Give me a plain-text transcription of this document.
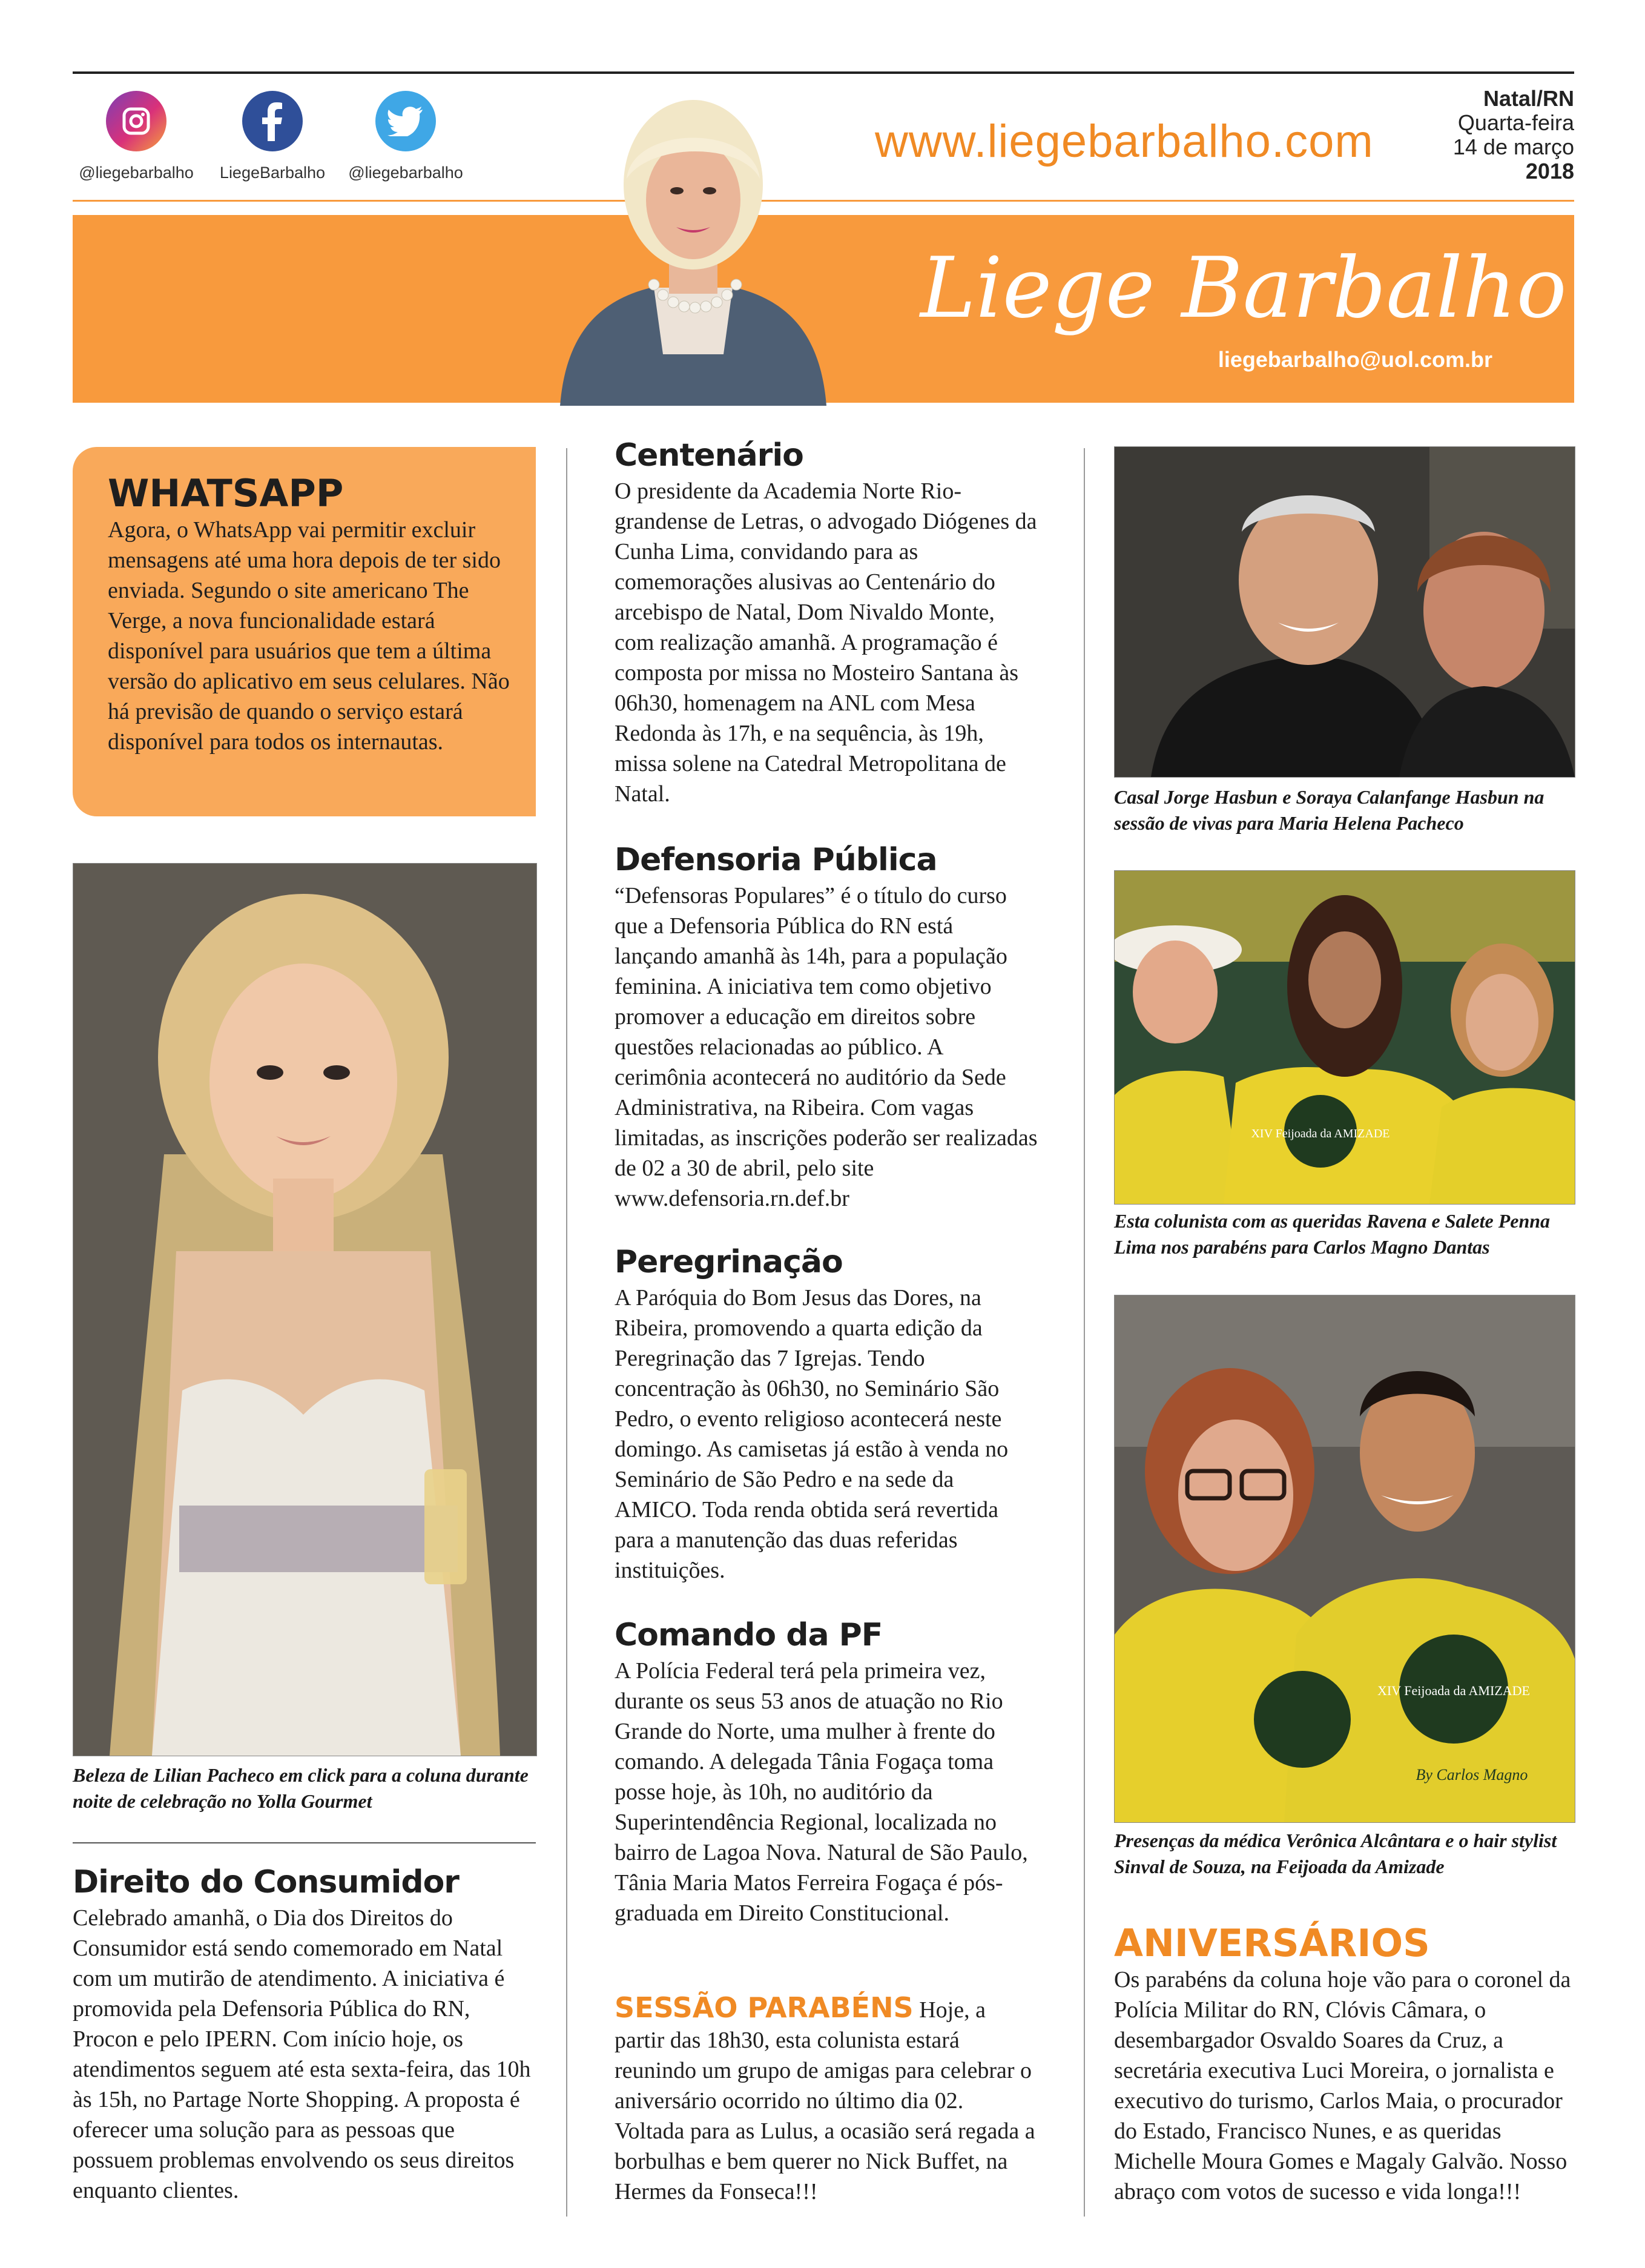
@liegebarbalho	LiegeBarbalho	@liegebarbalho
www.liegebarbalho.com
Natal/RN
Quarta-feira
14 de março
2018
Liege Barbalho
liegebarbalho@uol.com.br
WHATSAPP
Agora, o WhatsApp vai permitir excluir mensagens até uma hora depois de ter sido enviada. Segundo o site americano The Verge, a nova funcionalidade estará disponível para usuários que tem a última versão do aplicativo em seus celulares. Não há previsão de quando o serviço estará disponível para todos os internautas.
Beleza de Lilian Pacheco em click para a coluna durante noite de celebração no Yolla Gourmet
Direito do Consumidor
Celebrado amanhã, o Dia dos Direitos do Consumidor está sendo comemorado em Natal com um mutirão de atendimento. A iniciativa é promovida pela Defensoria Pública do RN, Procon e pelo IPERN. Com início hoje, os atendimentos seguem até esta sexta-feira, das 10h às 15h, no Partage Norte Shopping. A proposta é oferecer uma solução para as pessoas que possuem problemas envolvendo os seus direitos enquanto clientes.
Centenário
O presidente da Academia Norte Rio-grandense de Letras, o advogado Diógenes da Cunha Lima, convidando para as comemorações alusivas ao Centenário do arcebispo de Natal, Dom Nivaldo Monte, com realização amanhã. A programação é composta por missa no Mosteiro Santana às 06h30, homenagem na ANL com Mesa Redonda às 17h, e na sequência, às 19h, missa solene na Catedral Metropolitana de Natal.
Defensoria Pública
“Defensoras Populares” é o título do curso que a Defensoria Pública do RN está lançando amanhã às 14h, para a população feminina. A iniciativa tem como objetivo promover a educação em direitos sobre questões relacionadas ao público. A cerimônia acontecerá no auditório da Sede Administrativa, na Ribeira. Com vagas limitadas, as inscrições poderão ser realizadas de 02 a 30 de abril, pelo site www.defensoria.rn.def.br
Peregrinação
A Paróquia do Bom Jesus das Dores, na Ribeira, promovendo a quarta edição da Peregrinação das 7 Igrejas. Tendo concentração às 06h30, no Seminário São Pedro, o evento religioso acontecerá neste domingo. As camisetas já estão à venda no Seminário de São Pedro e na sede da AMICO. Toda renda obtida será revertida para a manutenção das duas referidas instituições.
Comando da PF
A Polícia Federal terá pela primeira vez, durante os seus 53 anos de atuação no Rio Grande do Norte, uma mulher à frente do comando. A delegada Tânia Fogaça toma posse hoje, às 10h, no auditório da Superintendência Regional, localizada no bairro de Lagoa Nova. Natural de São Paulo, Tânia Maria Matos Ferreira Fogaça é pós-graduada em Direito Constitucional.
SESSÃO PARABÉNS Hoje, a partir das 18h30, esta colunista estará reunindo um grupo de amigas para celebrar o aniversário ocorrido no último dia 02. Voltada para as Lulus, a ocasião será regada a borbulhas e bem querer no Nick Buffet, na Hermes da Fonseca!!!
Casal Jorge Hasbun e Soraya Calanfange Hasbun na sessão de vivas para Maria Helena Pacheco
XIV Feijoada da AMIZADE
Esta colunista com as queridas Ravena e Salete Penna Lima nos parabéns para Carlos Magno Dantas
XIV Feijoada da AMIZADE
By Carlos Magno
Presenças da médica Verônica Alcântara e o hair stylist Sinval de Souza, na Feijoada da Amizade
ANIVERSÁRIOS
Os parabéns da coluna hoje vão para o coronel da Polícia Militar do RN, Clóvis Câmara, o desembargador Osvaldo Soares da Cruz, a secretária executiva Luci Moreira, o jornalista e executivo do turismo, Carlos Maia, o procurador do Estado, Francisco Nunes, e as queridas Michelle Moura Gomes e Magaly Galvão. Nosso abraço com votos de sucesso e vida longa!!!
